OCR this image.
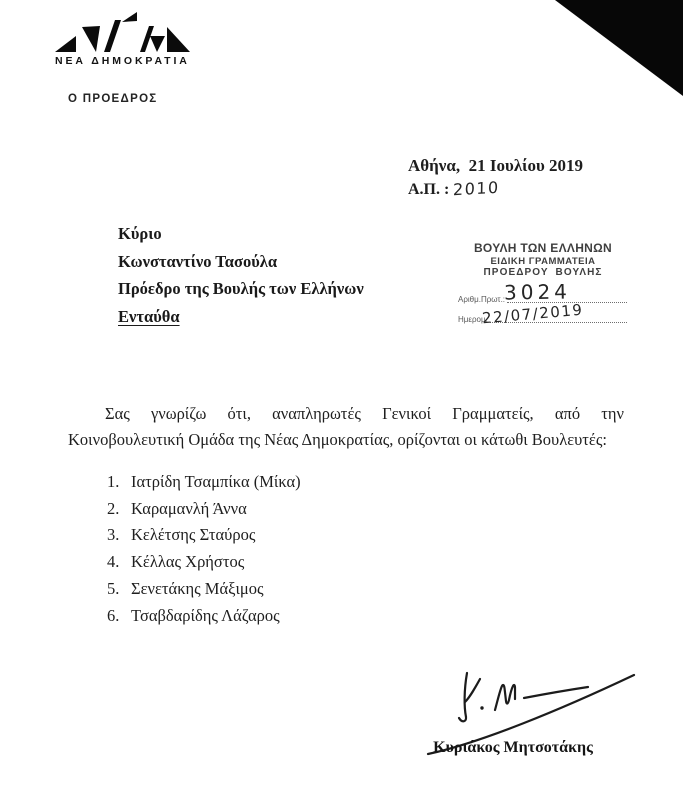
ΝΕΑ ΔΗΜΟΚΡΑΤΙΑ
Ο ΠΡΟΕΔΡΟΣ
Αθήνα,  21 Ιουλίου 2019
Α.Π. : 2010
Κύριο
Κωνσταντίνο Τασούλα
Πρόεδρο της Βουλής των Ελλήνων
Ενταύθα
ΒΟΥΛΗ ΤΩΝ ΕΛΛΗΝΩΝ
ΕΙΔΙΚΗ ΓΡΑΜΜΑΤΕΙΑ
ΠΡΟΕΔΡΟΥ ΒΟΥΛΗΣ
Αριθμ.Πρωτ.:
3024
Ημερομ.
22/07/2019
Σας γνωρίζω ότι, αναπληρωτές Γενικοί Γραμματείς, από την
Κοινοβουλευτική Ομάδα της Νέας Δημοκρατίας, ορίζονται οι κάτωθι Βουλευτές:
1. Ιατρίδη Τσαμπίκα (Μίκα)
2. Καραμανλή Άννα
3. Κελέτσης Σταύρος
4. Κέλλας Χρήστος
5. Σενετάκης Μάξιμος
6. Τσαβδαρίδης Λάζαρος
Κυριάκος Μητσοτάκης
